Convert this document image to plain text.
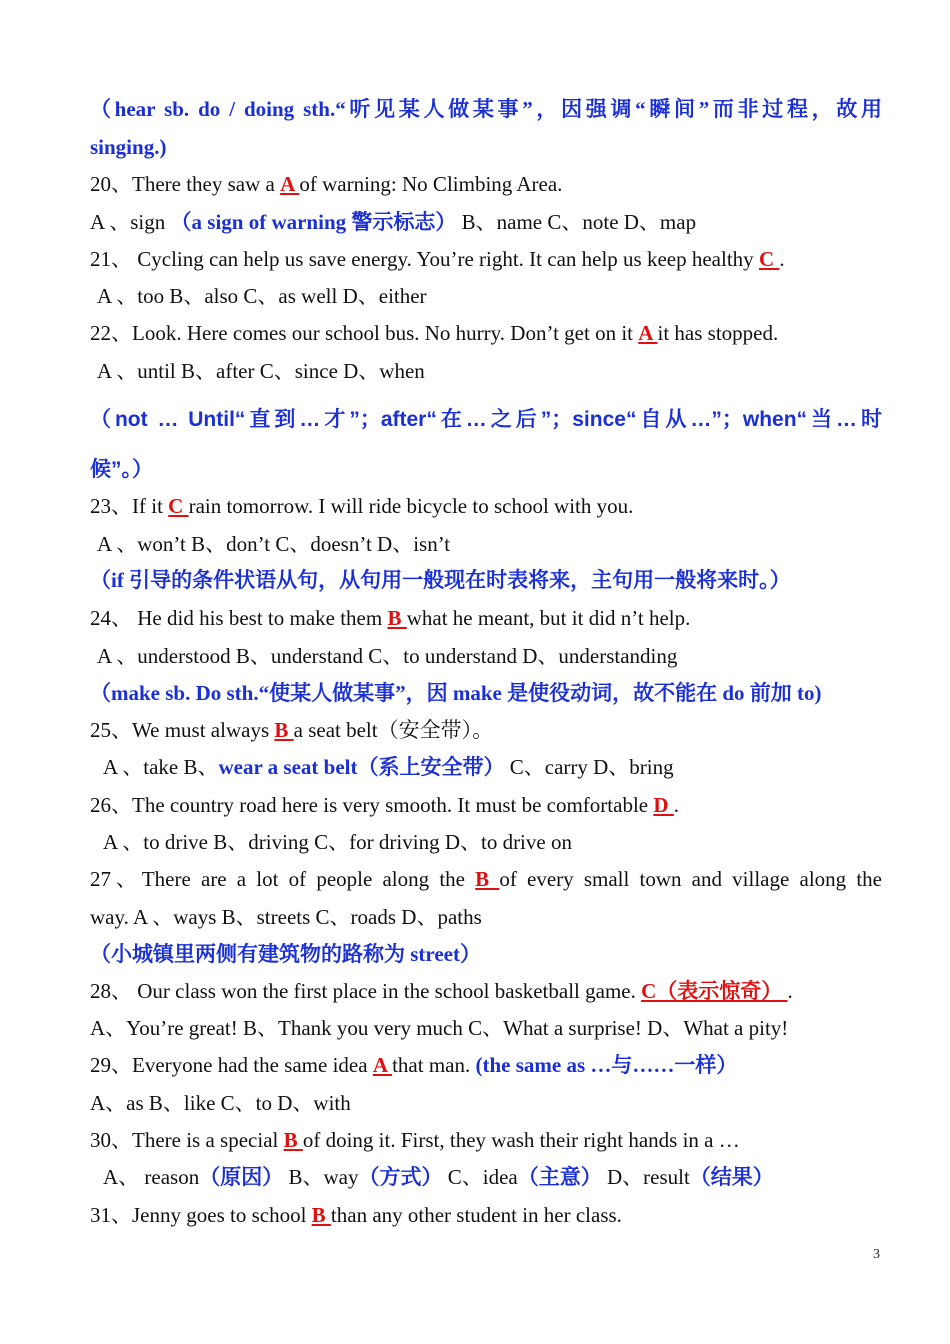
（hear sb. do / doing sth.“听见某人做某事”，因强调“瞬间”而非过程，故用
singing.)
20、There they saw a A of warning: No Climbing Area.
A 、sign （a sign of warning 警示标志） B、name C、note D、map
21、 Cycling can help us save energy. You’re right. It can help us keep healthy C .
A 、too B、also C、as well D、either
22、Look. Here comes our school bus. No hurry. Don’t get on it A it has stopped.
A 、until B、after C、since D、when
（not … Until“直到…才”；after“在…之后”；since“自从…”；when“当…时
候”。）
23、If it C rain tomorrow. I will ride bicycle to school with you.
A 、won’t B、don’t C、doesn’t D、isn’t
（if 引导的条件状语从句，从句用一般现在时表将来，主句用一般将来时。）
24、 He did his best to make them B what he meant, but it did n’t help.
A 、understood B、understand C、to understand D、understanding
（make sb. Do sth.“使某人做某事”，因 make 是使役动词，故不能在 do 前加 to)
25、We must always B a seat belt（安全带）。
A 、take B、wear a seat belt（系上安全带） C、carry D、bring
26、The country road here is very smooth. It must be comfortable D .
A 、to drive B、driving C、for driving D、to drive on
27、There are a lot of people along the B of every small town and village along the
way. A 、ways B、streets C、roads D、paths
（小城镇里两侧有建筑物的路称为 street）
28、 Our class won the first place in the school basketball game. C（表示惊奇） .
A、You’re great! B、Thank you very much C、What a surprise! D、What a pity!
29、Everyone had the same idea A that man. (the same as …与……一样）
A、as B、like C、to D、with
30、There is a special B of doing it. First, they wash their right hands in a …
A、 reason（原因） B、way（方式） C、idea（主意） D、result（结果）
31、Jenny goes to school B than any other student in her class.
3
